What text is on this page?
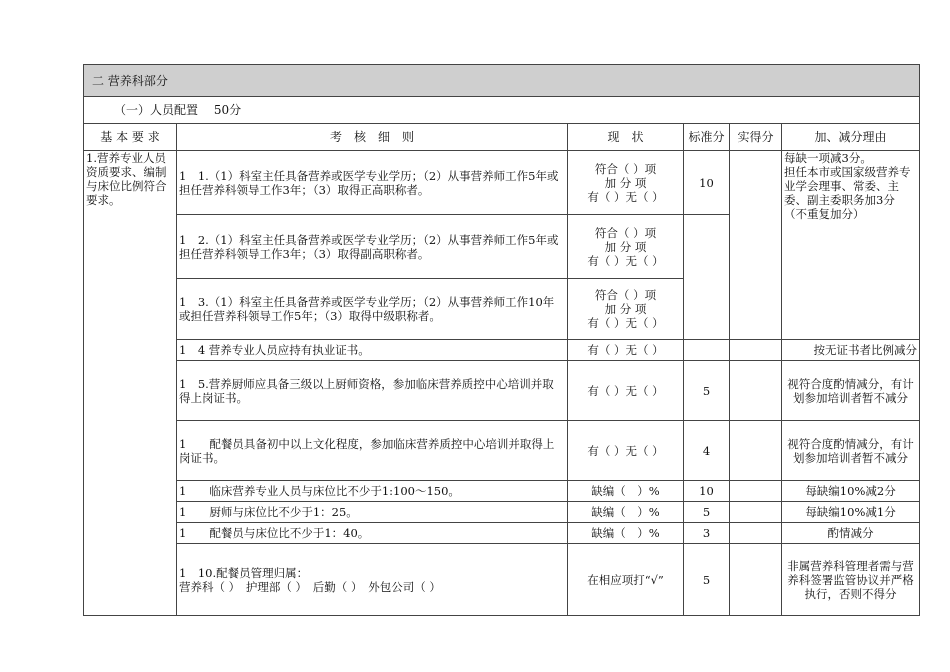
二 营养科部分					
（一）人员配置　 50分					
基 本 要 求	考　核　细　则	现　状	标准分	实得分	加、减分理由
1.营养专业人员资质要求、编制与床位比例符合要求。	1　1.（1）科室主任具备营养或医学专业学历；（2）从事营养师工作5年或担任营养科领导工作3年；（3）取得正高职称者。	符合（ ）项
加 分 项
有（ ）无（ ）	10		每缺一项减3分。
担任本市或国家级营养专业学会理事、常委、主委、副主委职务加3分（不重复加分）
	1　2.（1）科室主任具备营养或医学专业学历；（2）从事营养师工作5年或担任营养科领导工作3年；（3）取得副高职称者。	符合（ ）项
加 分 项
有（ ）无（ ）			
	1　3.（1）科室主任具备营养或医学专业学历；（2）从事营养师工作10年或担任营养科领导工作5年；（3）取得中级职称者。	符合（ ）项
加 分 项
有（ ）无（ ）			
	1　4 营养专业人员应持有执业证书。	有（ ）无（ ）			按无证书者比例减分
	1　5.营养厨师应具备三级以上厨师资格，参加临床营养质控中心培训并取得上岗证书。	有（ ）无（ ）	5		视符合度酌情减分，有计划参加培训者暂不减分
	1　　配餐员具备初中以上文化程度，参加临床营养质控中心培训并取得上岗证书。	有（ ）无（ ）	4		视符合度酌情减分，有计划参加培训者暂不减分
	1　　临床营养专业人员与床位比不少于1:100～150。	缺编（　）%	10		每缺编10%减2分
	1　　厨师与床位比不少于1：25。	缺编（　）%	5		每缺编10%减1分
	1　　配餐员与床位比不少于1：40。	缺编（　）%	3		酌情减分
	1　10.配餐员管理归属：
营养科（ ）　护理部（ ）　后勤（ ）　外包公司（ ）	在相应项打“√”	5		非属营养科管理者需与营养科签署监管协议并严格执行，否则不得分
